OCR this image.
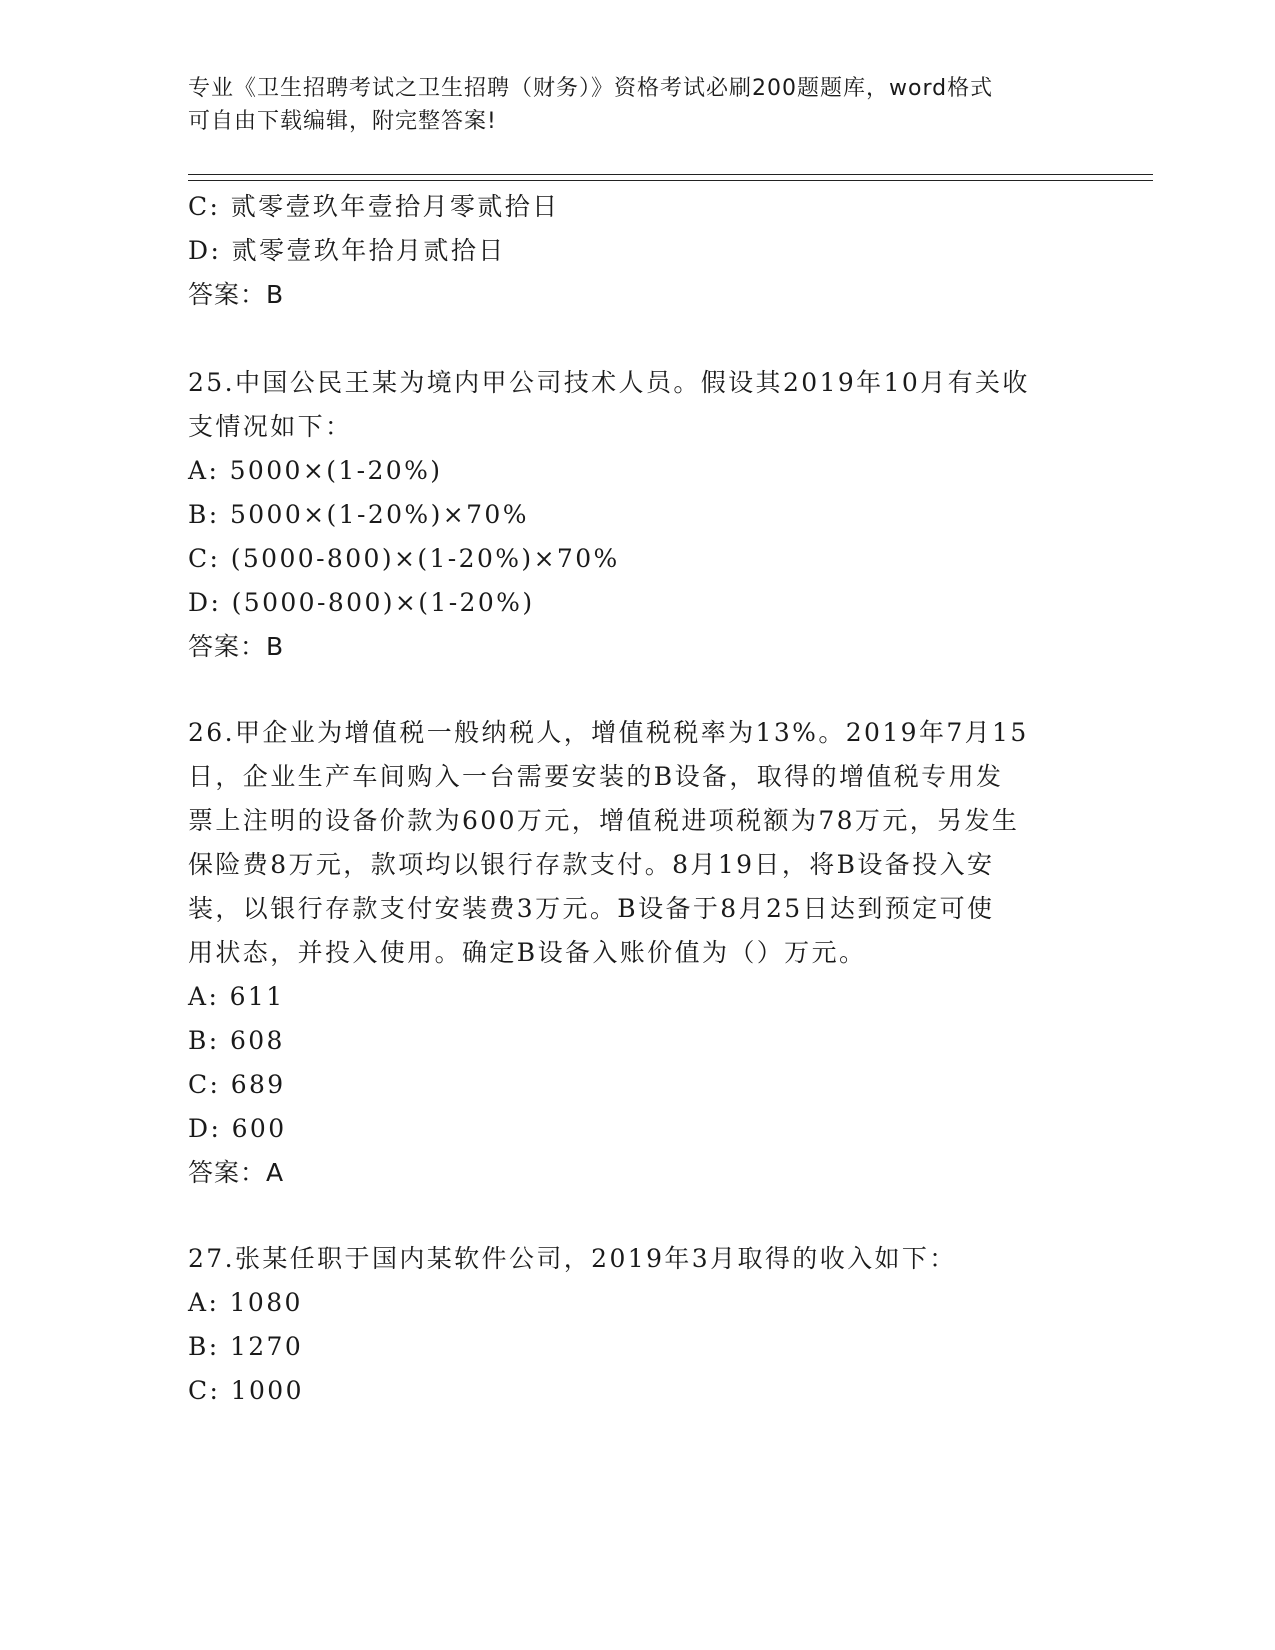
专业《卫生招聘考试之卫生招聘（财务）》资格考试必刷200题题库，word格式
可自由下载编辑，附完整答案!
C: 贰零壹玖年壹拾月零贰拾日
D: 贰零壹玖年拾月贰拾日
答案：B
25.中国公民王某为境内甲公司技术人员。假设其2019年10月有关收
支情况如下：
A: 5000×(1-20%)
B: 5000×(1-20%)×70%
C: (5000-800)×(1-20%)×70%
D: (5000-800)×(1-20%)
答案：B
26.甲企业为增值税一般纳税人，增值税税率为13%。2019年7月15
日，企业生产车间购入一台需要安装的B设备，取得的增值税专用发
票上注明的设备价款为600万元，增值税进项税额为78万元，另发生
保险费8万元，款项均以银行存款支付。8月19日，将B设备投入安
装，以银行存款支付安装费3万元。B设备于8月25日达到预定可使
用状态，并投入使用。确定B设备入账价值为（）万元。
A: 611
B: 608
C: 689
D: 600
答案：A
27.张某任职于国内某软件公司，2019年3月取得的收入如下：
A: 1080
B: 1270
C: 1000
